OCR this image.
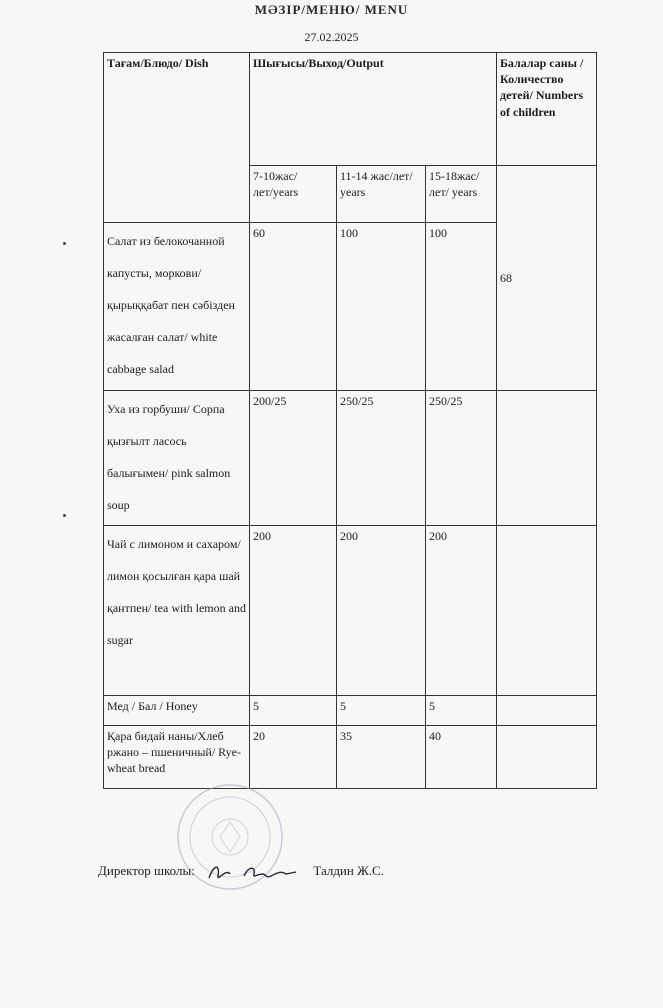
МӘЗІР/МЕНЮ/ MENU
27.02.2025
Тағам/Блюдо/ Dish	Шығысы/Выход/Output			Балалар саны /Количество детей/ Numbers of children
	7-10жас/лет/years	11-14 жас/лет/ years	15-18жас/лет/ years	68
Салат из белокочанной капусты, моркови/ қырыққабат пен сәбізден жасалған салат/ white cabbage salad	60	100	100	
Уха из горбуши/ Сорпа қызғылт ласось балығымен/ pink salmon soup	200/25	250/25	250/25	
Чай с лимоном и сахаром/ лимон қосылған қара шай қантпен/ tea with lemon and sugar	200	200	200	
Мед / Бал / Honey	5	5	5	
Қара бидай наны/Хлеб ржано – пшеничный/ Rye-wheat bread	20	35	40	
Директор школы:	Талдин Ж.С.
